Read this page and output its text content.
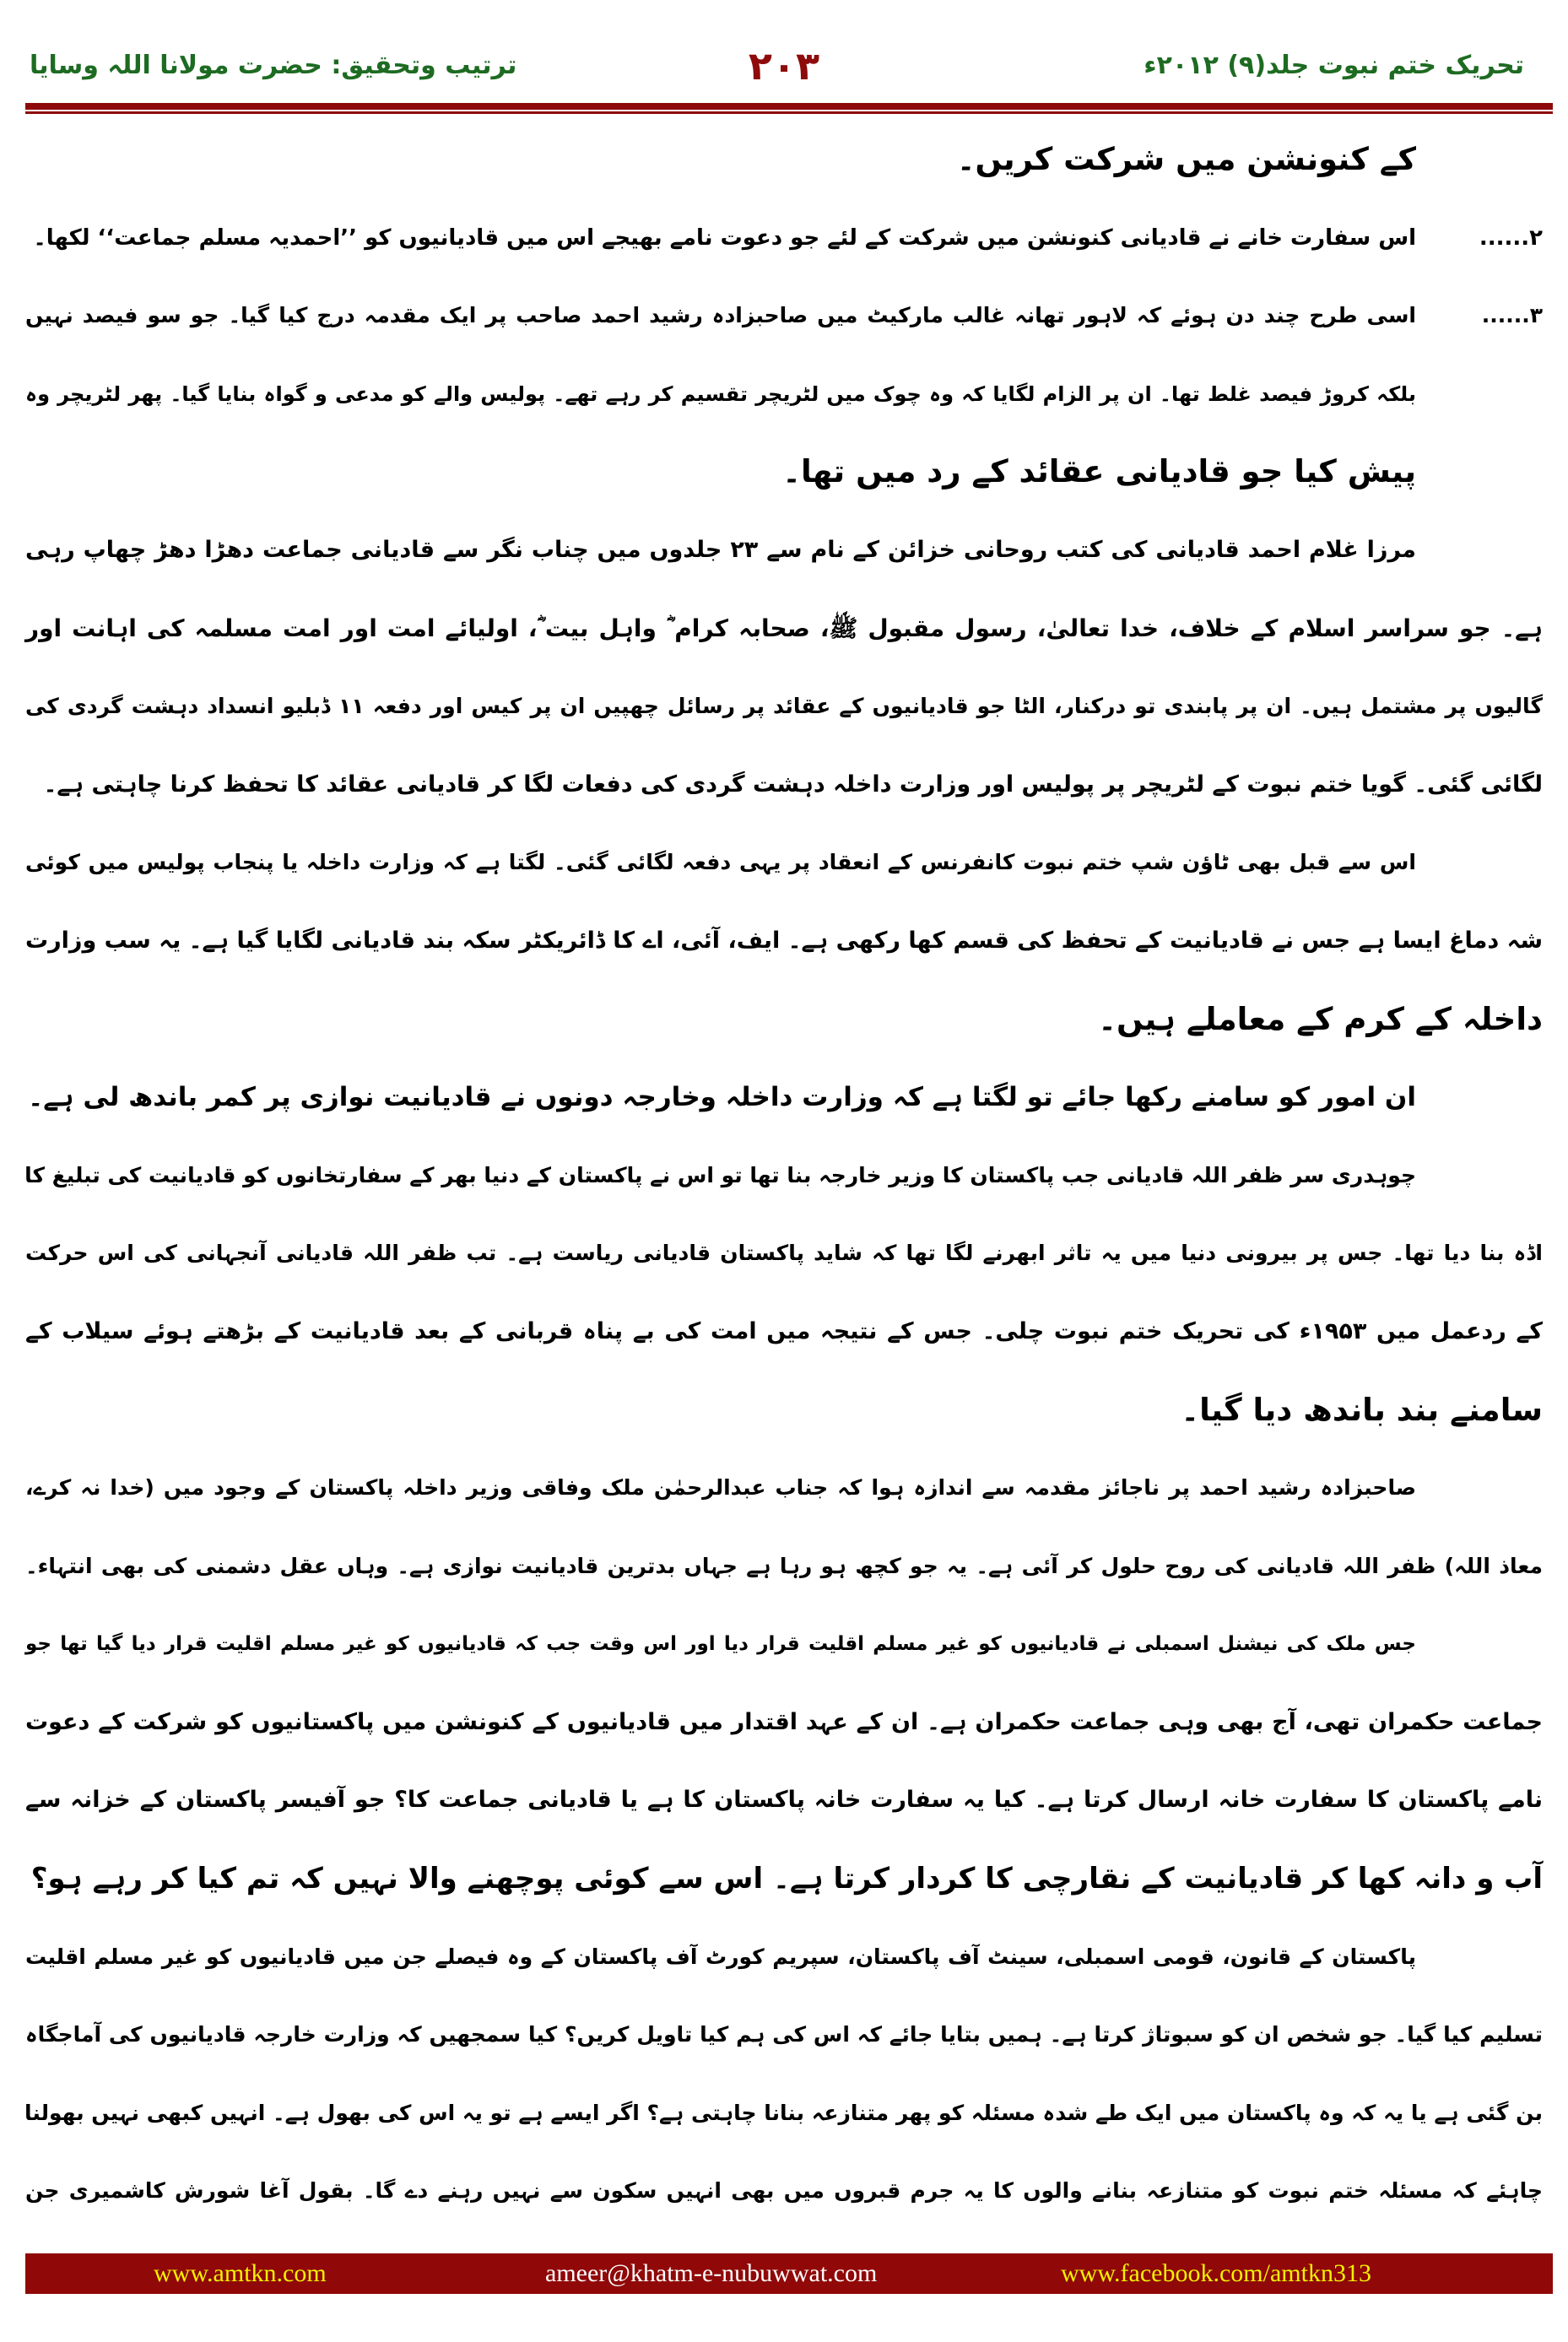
تحریک ختم نبوت جلد(۹) ۲۰۱۲ء
۲۰۳
ترتیب وتحقیق: حضرت مولانا اللہ وسایا
کے کنونشن میں شرکت کریں۔
۲......
اس سفارت خانے نے قادیانی کنونشن میں شرکت کے لئے جو دعوت نامے بھیجے اس میں قادیانیوں کو ’’احمدیہ مسلم جماعت‘‘ لکھا۔
۳......
اسی طرح چند دن ہوئے کہ لاہور تھانہ غالب مارکیٹ میں صاحبزادہ رشید احمد صاحب پر ایک مقدمہ درج کیا گیا۔ جو سو فیصد نہیں
بلکہ کروڑ فیصد غلط تھا۔ ان پر الزام لگایا کہ وہ چوک میں لٹریچر تقسیم کر رہے تھے۔ پولیس والے کو مدعی و گواہ بنایا گیا۔ پھر لٹریچر وہ
پیش کیا جو قادیانی عقائد کے رد میں تھا۔
مرزا غلام احمد قادیانی کی کتب روحانی خزائن کے نام سے ۲۳ جلدوں میں چناب نگر سے قادیانی جماعت دھڑا دھڑ چھاپ رہی
ہے۔ جو سراسر اسلام کے خلاف، خدا تعالیٰ، رسول مقبول ﷺ، صحابہ کرام ؓ واہل بیت ؓ، اولیائے امت اور امت مسلمہ کی اہانت اور
گالیوں پر مشتمل ہیں۔ ان پر پابندی تو درکنار، الٹا جو قادیانیوں کے عقائد پر رسائل چھپیں ان پر کیس اور دفعہ ۱۱ ڈبلیو انسداد دہشت گردی کی
لگائی گئی۔ گویا ختم نبوت کے لٹریچر پر پولیس اور وزارت داخلہ دہشت گردی کی دفعات لگا کر قادیانی عقائد کا تحفظ کرنا چاہتی ہے۔
اس سے قبل بھی ٹاؤن شپ ختم نبوت کانفرنس کے انعقاد پر یہی دفعہ لگائی گئی۔ لگتا ہے کہ وزارت داخلہ یا پنجاب پولیس میں کوئی
شہ دماغ ایسا ہے جس نے قادیانیت کے تحفظ کی قسم کھا رکھی ہے۔ ایف، آئی، اے کا ڈائریکٹر سکہ بند قادیانی لگایا گیا ہے۔ یہ سب وزارت
داخلہ کے کرم کے معاملے ہیں۔
ان امور کو سامنے رکھا جائے تو لگتا ہے کہ وزارت داخلہ وخارجہ دونوں نے قادیانیت نوازی پر کمر باندھ لی ہے۔
چوہدری سر ظفر اللہ قادیانی جب پاکستان کا وزیر خارجہ بنا تھا تو اس نے پاکستان کے دنیا بھر کے سفارتخانوں کو قادیانیت کی تبلیغ کا
اڈہ بنا دیا تھا۔ جس پر بیرونی دنیا میں یہ تاثر ابھرنے لگا تھا کہ شاید پاکستان قادیانی ریاست ہے۔ تب ظفر اللہ قادیانی آنجہانی کی اس حرکت
کے ردعمل میں ۱۹۵۳ء کی تحریک ختم نبوت چلی۔ جس کے نتیجہ میں امت کی بے پناہ قربانی کے بعد قادیانیت کے بڑھتے ہوئے سیلاب کے
سامنے بند باندھ دیا گیا۔
صاحبزادہ رشید احمد پر ناجائز مقدمہ سے اندازہ ہوا کہ جناب عبدالرحمٰن ملک وفاقی وزیر داخلہ پاکستان کے وجود میں (خدا نہ کرے،
معاذ اللہ) ظفر اللہ قادیانی کی روح حلول کر آئی ہے۔ یہ جو کچھ ہو رہا ہے جہاں بدترین قادیانیت نوازی ہے۔ وہاں عقل دشمنی کی بھی انتہاء۔
جس ملک کی نیشنل اسمبلی نے قادیانیوں کو غیر مسلم اقلیت قرار دیا اور اس وقت جب کہ قادیانیوں کو غیر مسلم اقلیت قرار دیا گیا تھا جو
جماعت حکمران تھی، آج بھی وہی جماعت حکمران ہے۔ ان کے عہد اقتدار میں قادیانیوں کے کنونشن میں پاکستانیوں کو شرکت کے دعوت
نامے پاکستان کا سفارت خانہ ارسال کرتا ہے۔ کیا یہ سفارت خانہ پاکستان کا ہے یا قادیانی جماعت کا؟ جو آفیسر پاکستان کے خزانہ سے
آب و دانہ کھا کر قادیانیت کے نقارچی کا کردار کرتا ہے۔ اس سے کوئی پوچھنے والا نہیں کہ تم کیا کر رہے ہو؟
پاکستان کے قانون، قومی اسمبلی، سینٹ آف پاکستان، سپریم کورٹ آف پاکستان کے وہ فیصلے جن میں قادیانیوں کو غیر مسلم اقلیت
تسلیم کیا گیا۔ جو شخص ان کو سبوتاژ کرتا ہے۔ ہمیں بتایا جائے کہ اس کی ہم کیا تاویل کریں؟ کیا سمجھیں کہ وزارت خارجہ قادیانیوں کی آماجگاہ
بن گئی ہے یا یہ کہ وہ پاکستان میں ایک طے شدہ مسئلہ کو پھر متنازعہ بنانا چاہتی ہے؟ اگر ایسے ہے تو یہ اس کی بھول ہے۔ انہیں کبھی نہیں بھولنا
چاہئے کہ مسئلہ ختم نبوت کو متنازعہ بنانے والوں کا یہ جرم قبروں میں بھی انہیں سکون سے نہیں رہنے دے گا۔ بقول آغا شورش کاشمیری جن
www.amtkn.com	ameer@khatm-e-nubuwwat.com	www.facebook.com/amtkn313
